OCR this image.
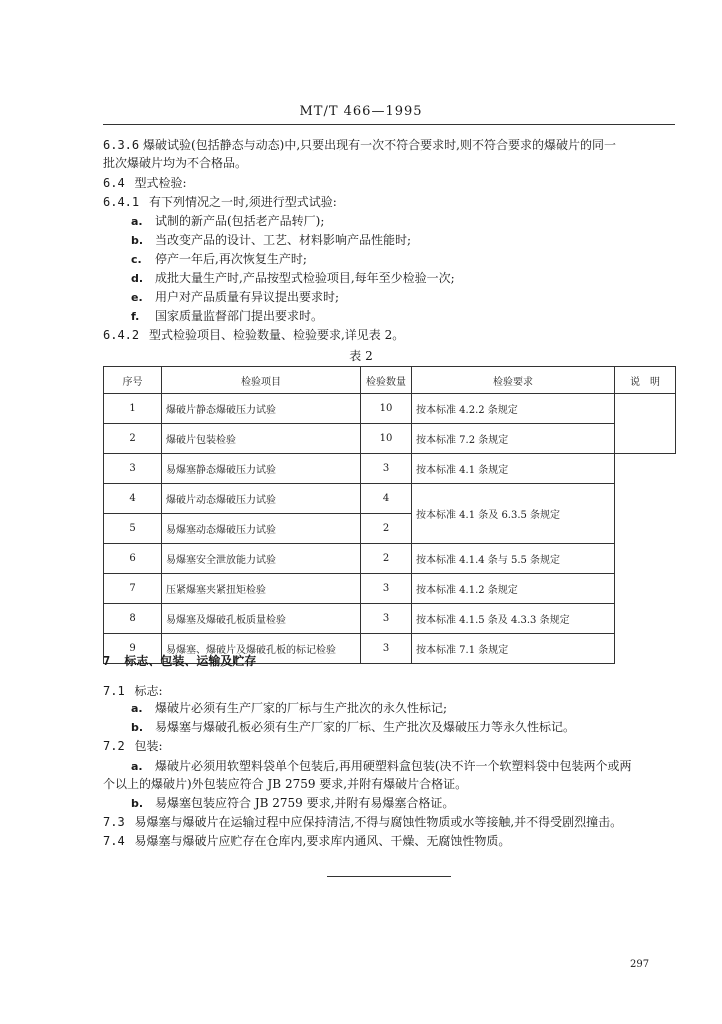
MT/T 466—1995
6.3.6 爆破试验(包括静态与动态)中,只要出现有一次不符合要求时,则不符合要求的爆破片的同一
批次爆破片均为不合格品。
6.4 型式检验:
6.4.1 有下列情况之一时,须进行型式试验:
a. 试制的新产品(包括老产品转厂);
b. 当改变产品的设计、工艺、材料影响产品性能时;
c. 停产一年后,再次恢复生产时;
d. 成批大量生产时,产品按型式检验项目,每年至少检验一次;
e. 用户对产品质量有异议提出要求时;
f. 国家质量监督部门提出要求时。
6.4.2 型式检验项目、检验数量、检验要求,详见表 2。
表 2
序号	检验项目	检验数量	检验要求	说　明
1	爆破片静态爆破压力试验	10	按本标准 4.2.2 条规定	
2	爆破片包装检验	10	按本标准 7.2 条规定	
3	易爆塞静态爆破压力试验	3	按本标准 4.1 条规定	
4	爆破片动态爆破压力试验	4	按本标准 4.1 条及 6.3.5 条规定	
5	易爆塞动态爆破压力试验	2		
6	易爆塞安全泄放能力试验	2	按本标准 4.1.4 条与 5.5 条规定	
7	压紧爆塞夹紧扭矩检验	3	按本标准 4.1.2 条规定	
8	易爆塞及爆破孔板质量检验	3	按本标准 4.1.5 条及 4.3.3 条规定	
9	易爆塞、爆破片及爆破孔板的标记检验	3	按本标准 7.1 条规定	
7 标志、包装、运输及贮存
7.1 标志:
a. 爆破片必须有生产厂家的厂标与生产批次的永久性标记;
b. 易爆塞与爆破孔板必须有生产厂家的厂标、生产批次及爆破压力等永久性标记。
7.2 包装:
a. 爆破片必须用软塑料袋单个包装后,再用硬塑料盒包装(决不许一个软塑料袋中包装两个或两
个以上的爆破片)外包装应符合 JB 2759 要求,并附有爆破片合格证。
b. 易爆塞包装应符合 JB 2759 要求,并附有易爆塞合格证。
7.3 易爆塞与爆破片在运输过程中应保持清洁,不得与腐蚀性物质或水等接触,并不得受剧烈撞击。
7.4 易爆塞与爆破片应贮存在仓库内,要求库内通风、干燥、无腐蚀性物质。
297
